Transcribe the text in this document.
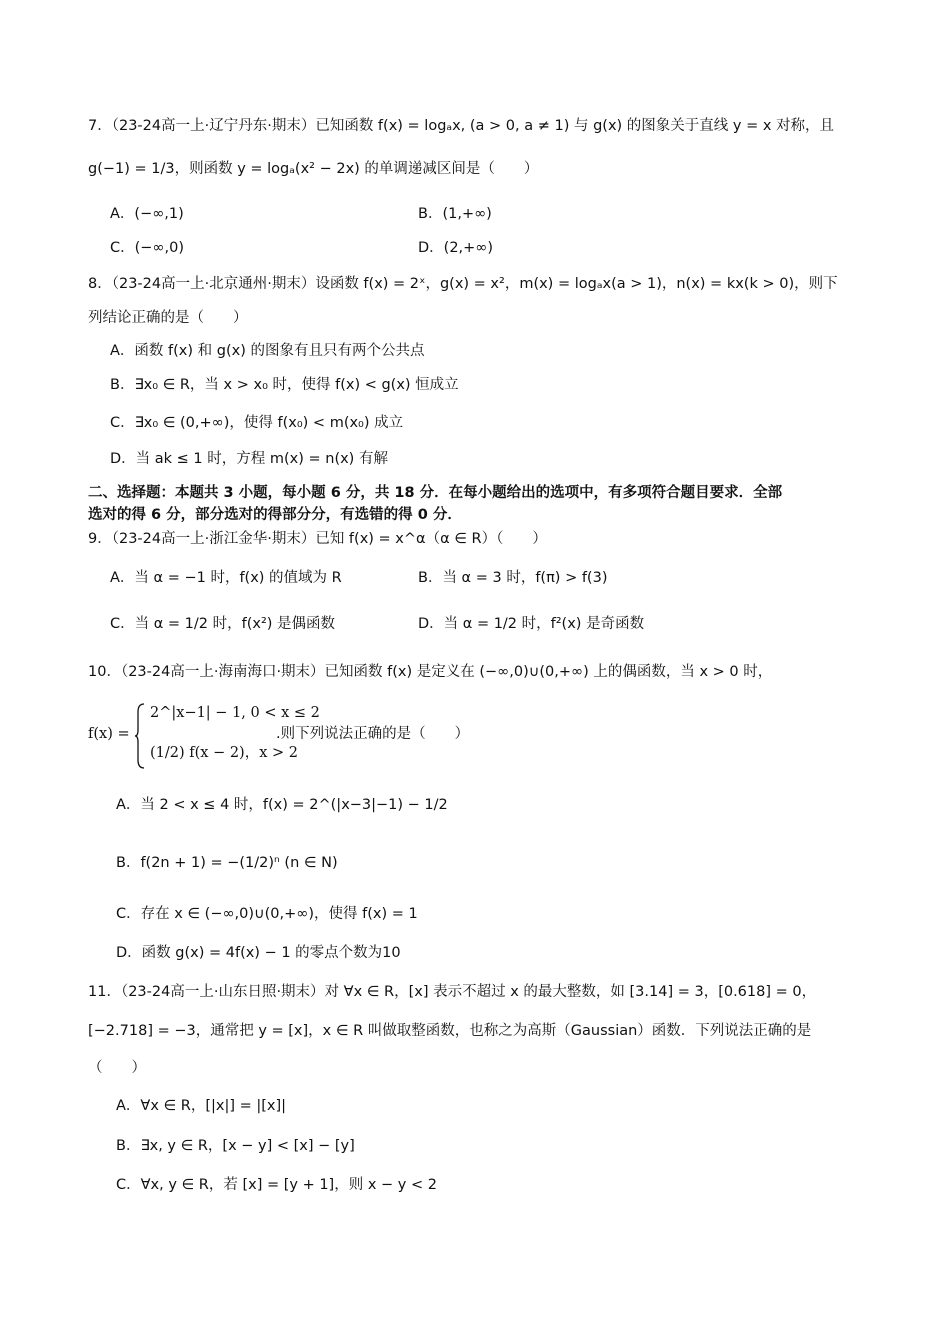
7．（23-24高一上·辽宁丹东·期末）已知函数 f(x) = logₐx, (a > 0, a ≠ 1) 与 g(x) 的图象关于直线 y = x 对称，且
g(−1) = 1/3，则函数 y = logₐ(x² − 2x) 的单调递减区间是（　　）
A．(−∞,1)	B．(1,+∞)
C．(−∞,0)	D．(2,+∞)
8．（23-24高一上·北京通州·期末）设函数 f(x) = 2ˣ，g(x) = x²，m(x) = logₐx(a > 1)，n(x) = kx(k > 0)，则下
列结论正确的是（　　）
A．函数 f(x) 和 g(x) 的图象有且只有两个公共点
B．∃x₀ ∈ R，当 x > x₀ 时，使得 f(x) < g(x) 恒成立
C．∃x₀ ∈ (0,+∞)，使得 f(x₀) < m(x₀) 成立
D．当 ak ≤ 1 时，方程 m(x) = n(x) 有解
二、选择题：本题共 3 小题，每小题 6 分，共 18 分．在每小题给出的选项中，有多项符合题目要求．全部
选对的得 6 分，部分选对的得部分分，有选错的得 0 分．
9．（23-24高一上·浙江金华·期末）已知 f(x) = x^α（α ∈ R）（　　）
A．当 α = −1 时，f(x) 的值域为 R	B．当 α = 3 时，f(π) > f(3)
C．当 α = 1/2 时，f(x²) 是偶函数	D．当 α = 1/2 时，f²(x) 是奇函数
10．（23-24高一上·海南海口·期末）已知函数 f(x) 是定义在 (−∞,0)∪(0,+∞) 上的偶函数，当 x > 0 时，
f(x) =
2^|x−1| − 1, 0 < x ≤ 2
(1/2) f(x − 2)，x > 2
.则下列说法正确的是（　　）
A．当 2 < x ≤ 4 时，f(x) = 2^(|x−3|−1) − 1/2
B．f(2n + 1) = −(1/2)ⁿ (n ∈ N)
C．存在 x ∈ (−∞,0)∪(0,+∞)，使得 f(x) = 1
D．函数 g(x) = 4f(x) − 1 的零点个数为10
11．（23-24高一上·山东日照·期末）对 ∀x ∈ R，[x] 表示不超过 x 的最大整数，如 [3.14] = 3，[0.618] = 0，
[−2.718] = −3，通常把 y = [x]，x ∈ R 叫做取整函数，也称之为高斯（Gaussian）函数．下列说法正确的是
（　　）
A．∀x ∈ R，[|x|] = |[x]|
B．∃x, y ∈ R，[x − y] < [x] − [y]
C．∀x, y ∈ R，若 [x] = [y + 1]，则 x − y < 2
